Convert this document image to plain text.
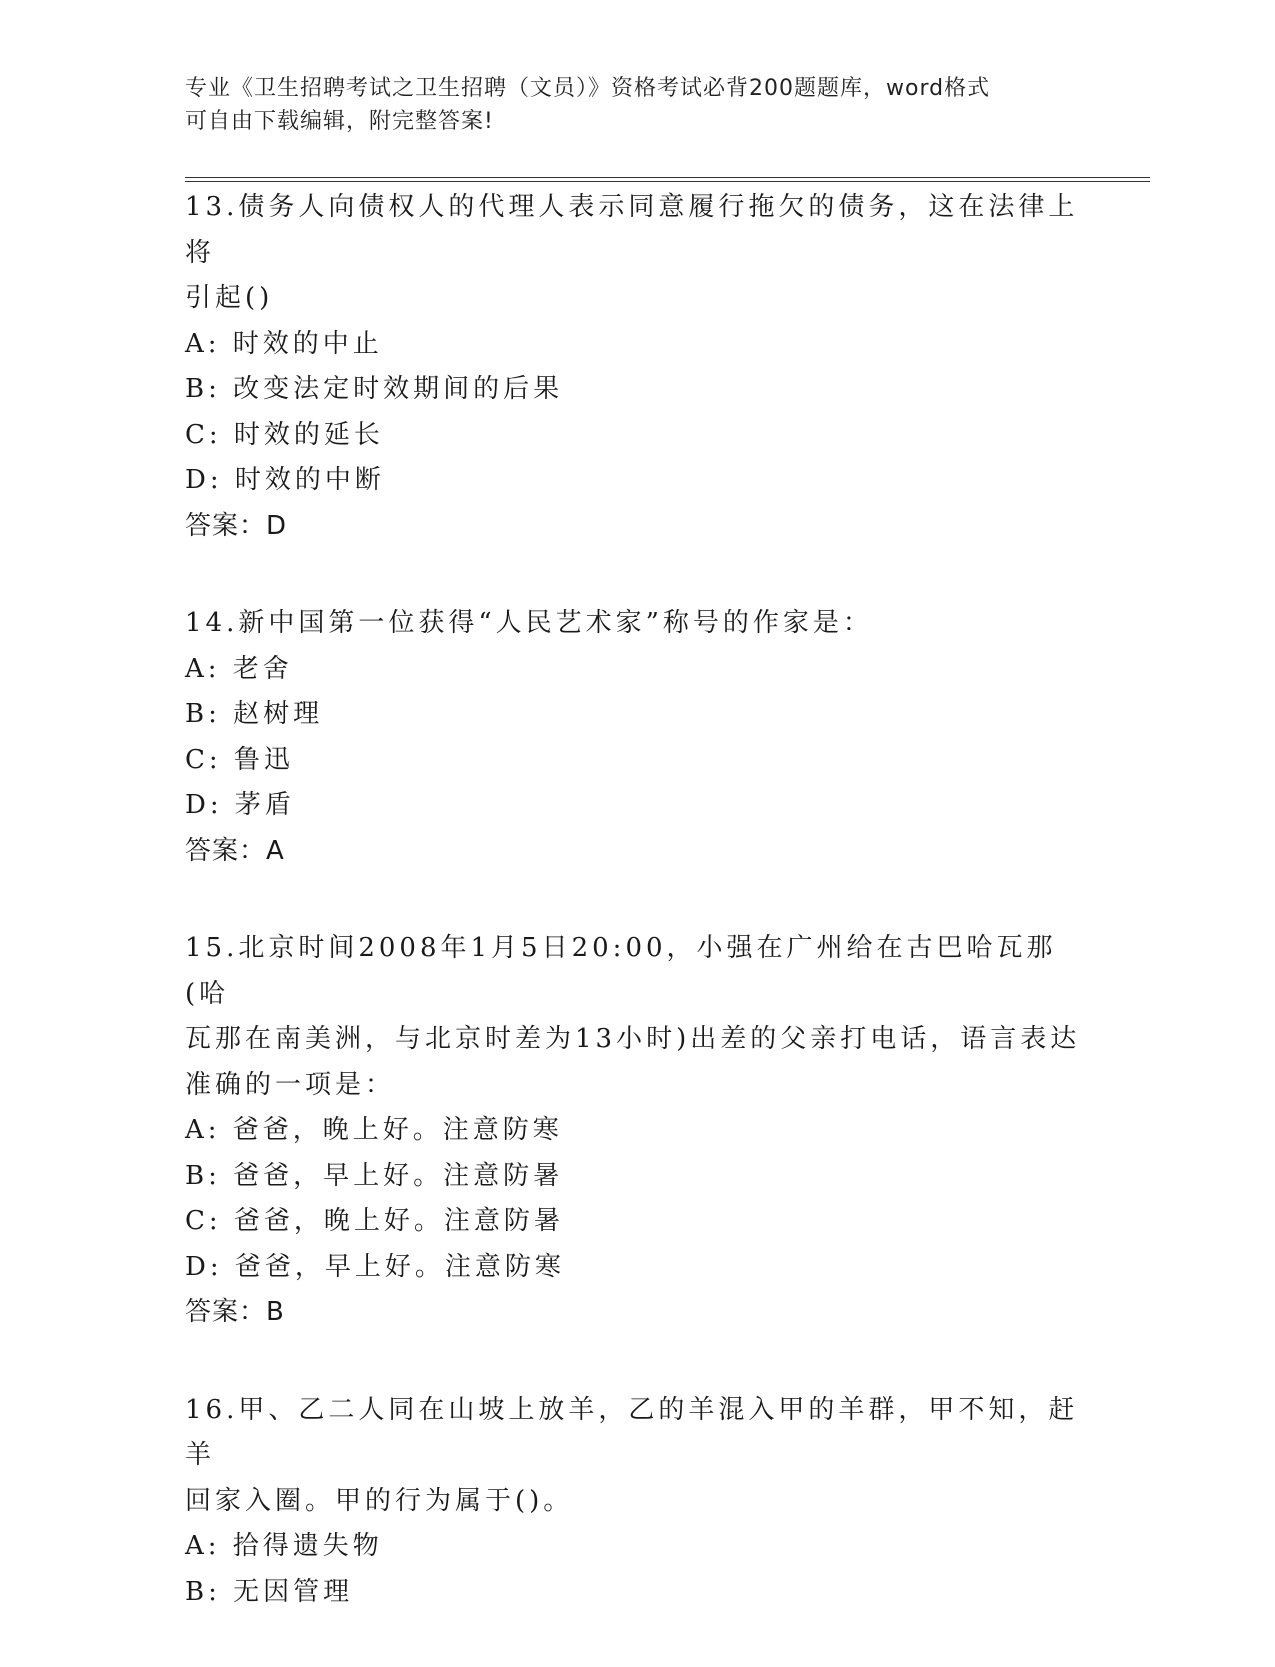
专业《卫生招聘考试之卫生招聘（文员）》资格考试必背200题题库，word格式
可自由下载编辑，附完整答案!
13.债务人向债权人的代理人表示同意履行拖欠的债务，这在法律上将
引起()
A: 时效的中止
B: 改变法定时效期间的后果
C: 时效的延长
D: 时效的中断
答案：D
14.新中国第一位获得“人民艺术家”称号的作家是：
A: 老舍
B: 赵树理
C: 鲁迅
D: 茅盾
答案：A
15.北京时间2008年1月5日20:00，小强在广州给在古巴哈瓦那(哈
瓦那在南美洲，与北京时差为13小时)出差的父亲打电话，语言表达
准确的一项是：
A: 爸爸，晚上好。注意防寒
B: 爸爸，早上好。注意防暑
C: 爸爸，晚上好。注意防暑
D: 爸爸，早上好。注意防寒
答案：B
16.甲、乙二人同在山坡上放羊，乙的羊混入甲的羊群，甲不知，赶羊
回家入圈。甲的行为属于()。
A: 拾得遗失物
B: 无因管理
